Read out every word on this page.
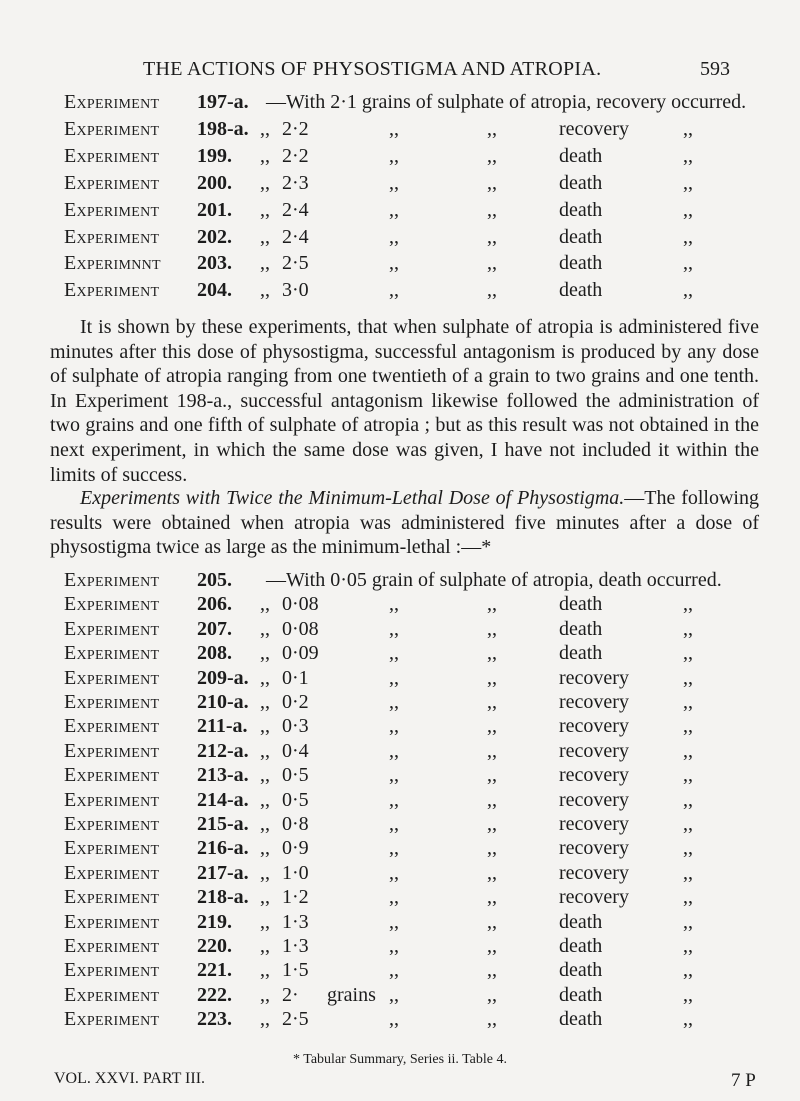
THE ACTIONS OF PHYSOSTIGMA AND ATROPIA.	593
Experiment 197-a. —With 2·1 grains of sulphate of atropia, recovery occurred.
Experiment 198-a. ,, 2·2	,,	,,	recovery	,,
Experiment 199. ,, 2·2	,,	,,	death	,,
Experiment 200. ,, 2·3	,,	,,	death	,,
Experiment 201. ,, 2·4	,,	,,	death	,,
Experiment 202. ,, 2·4	,,	,,	death	,,
Experimnnt 203. ,, 2·5	,,	,,	death	,,
Experiment 204. ,, 3·0	,,	,,	death	,,

It is shown by these experiments, that when sulphate of atropia is administered five minutes after this dose of physostigma, successful antagonism is produced by any dose of sulphate of atropia ranging from one twentieth of a grain to two grains and one tenth. In Experiment 198-a., successful antagonism likewise followed the administration of two grains and one fifth of sulphate of atropia ; but as this result was not obtained in the next experiment, in which the same dose was given, I have not included it within the limits of success.

Experiments with Twice the Minimum-Lethal Dose of Physostigma.—The following results were obtained when atropia was administered five minutes after a dose of physostigma twice as large as the minimum-lethal :—*

Experiment 205. —With 0·05 grain of sulphate of atropia, death occurred.
Experiment 206. ,, 0·08	,,	,,	death	,,
Experiment 207. ,, 0·08	,,	,,	death	,,
Experiment 208. ,, 0·09	,,	,,	death	,,
Experiment 209-a. ,, 0·1	,,	,,	recovery	,,
Experiment 210-a. ,, 0·2	,,	,,	recovery	,,
Experiment 211-a. ,, 0·3	,,	,,	recovery	,,
Experiment 212-a. ,, 0·4	,,	,,	recovery	,,
Experiment 213-a. ,, 0·5	,,	,,	recovery	,,
Experiment 214-a. ,, 0·5	,,	,,	recovery	,,
Experiment 215-a. ,, 0·8	,,	,,	recovery	,,
Experiment 216-a. ,, 0·9	,,	,,	recovery	,,
Experiment 217-a. ,, 1·0	,,	,,	recovery	,,
Experiment 218-a. ,, 1·2	,,	,,	recovery	,,
Experiment 219. ,, 1·3	,,	,,	death	,,
Experiment 220. ,, 1·3	,,	,,	death	,,
Experiment 221. ,, 1·5	,,	,,	death	,,
Experiment 222. ,, 2· grains ,,	,,	death	,,
Experiment 223. ,, 2·5	,,	,,	death	,,

* Tabular Summary, Series ii. Table 4.

VOL. XXVI. PART III.	7 P
